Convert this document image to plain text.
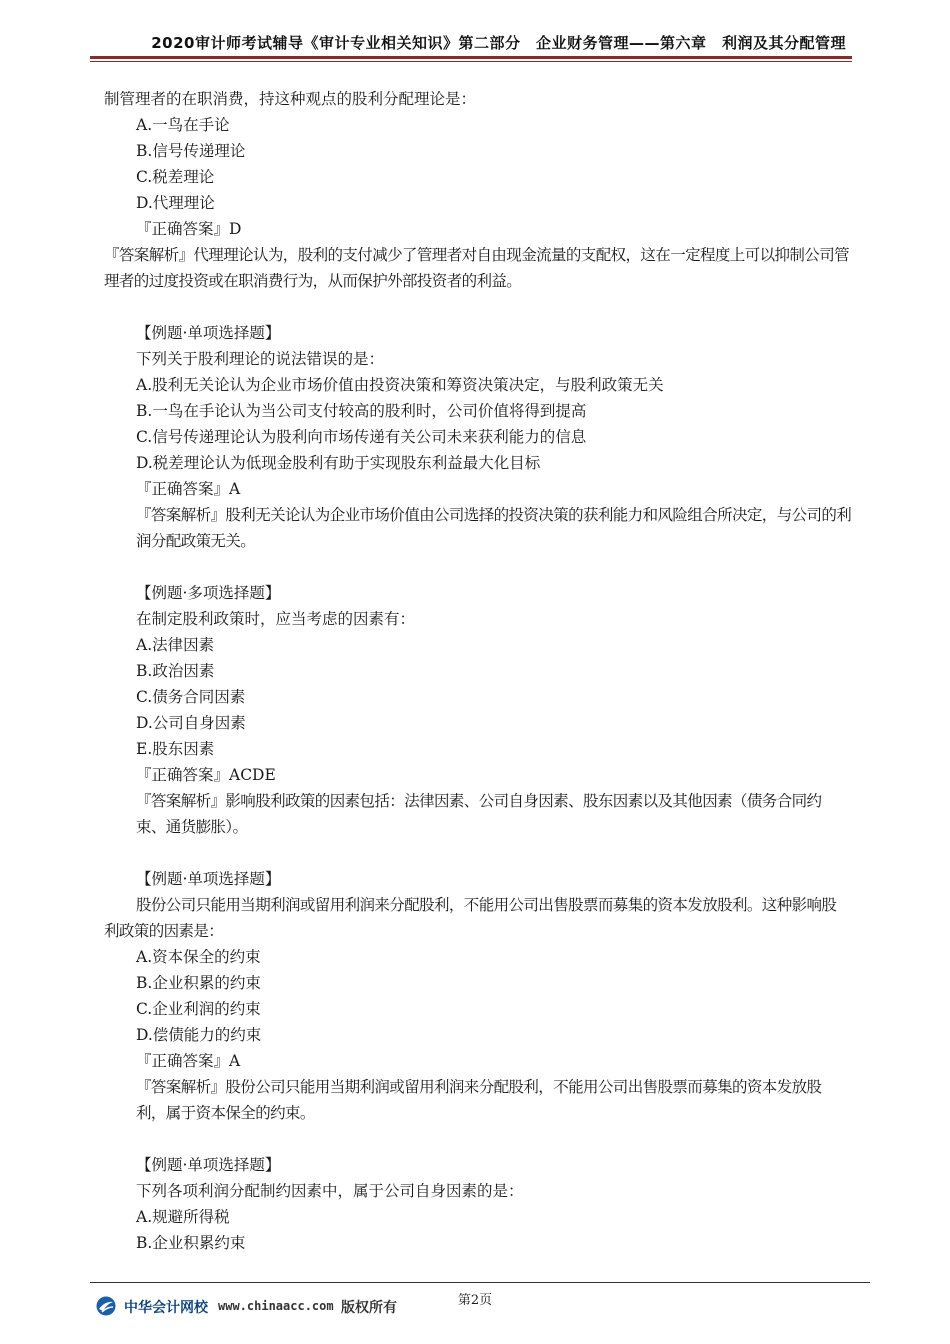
2020审计师考试辅导《审计专业相关知识》第二部分　企业财务管理——第六章　利润及其分配管理
制管理者的在职消费，持这种观点的股利分配理论是：
A.一鸟在手论
B.信号传递理论
C.税差理论
D.代理理论
『正确答案』D
『答案解析』代理理论认为，股利的支付减少了管理者对自由现金流量的支配权，这在一定程度上可以抑制公司管理者的过度投资或在职消费行为，从而保护外部投资者的利益。
【例题·单项选择题】
下列关于股利理论的说法错误的是：
A.股利无关论认为企业市场价值由投资决策和筹资决策决定，与股利政策无关
B.一鸟在手论认为当公司支付较高的股利时，公司价值将得到提高
C.信号传递理论认为股利向市场传递有关公司未来获利能力的信息
D.税差理论认为低现金股利有助于实现股东利益最大化目标
『正确答案』A
『答案解析』股利无关论认为企业市场价值由公司选择的投资决策的获利能力和风险组合所决定，与公司的利润分配政策无关。
【例题·多项选择题】
在制定股利政策时，应当考虑的因素有：
A.法律因素
B.政治因素
C.债务合同因素
D.公司自身因素
E.股东因素
『正确答案』ACDE
『答案解析』影响股利政策的因素包括：法律因素、公司自身因素、股东因素以及其他因素（债务合同约束、通货膨胀）。
【例题·单项选择题】
股份公司只能用当期利润或留用利润来分配股利，不能用公司出售股票而募集的资本发放股利。这种影响股利政策的因素是：
A.资本保全的约束
B.企业积累的约束
C.企业利润的约束
D.偿债能力的约束
『正确答案』A
『答案解析』股份公司只能用当期利润或留用利润来分配股利，不能用公司出售股票而募集的资本发放股利，属于资本保全的约束。
【例题·单项选择题】
下列各项利润分配制约因素中，属于公司自身因素的是：
A.规避所得税
B.企业积累约束
第2页
中华会计网校 www.chinaacc.com 版权所有
